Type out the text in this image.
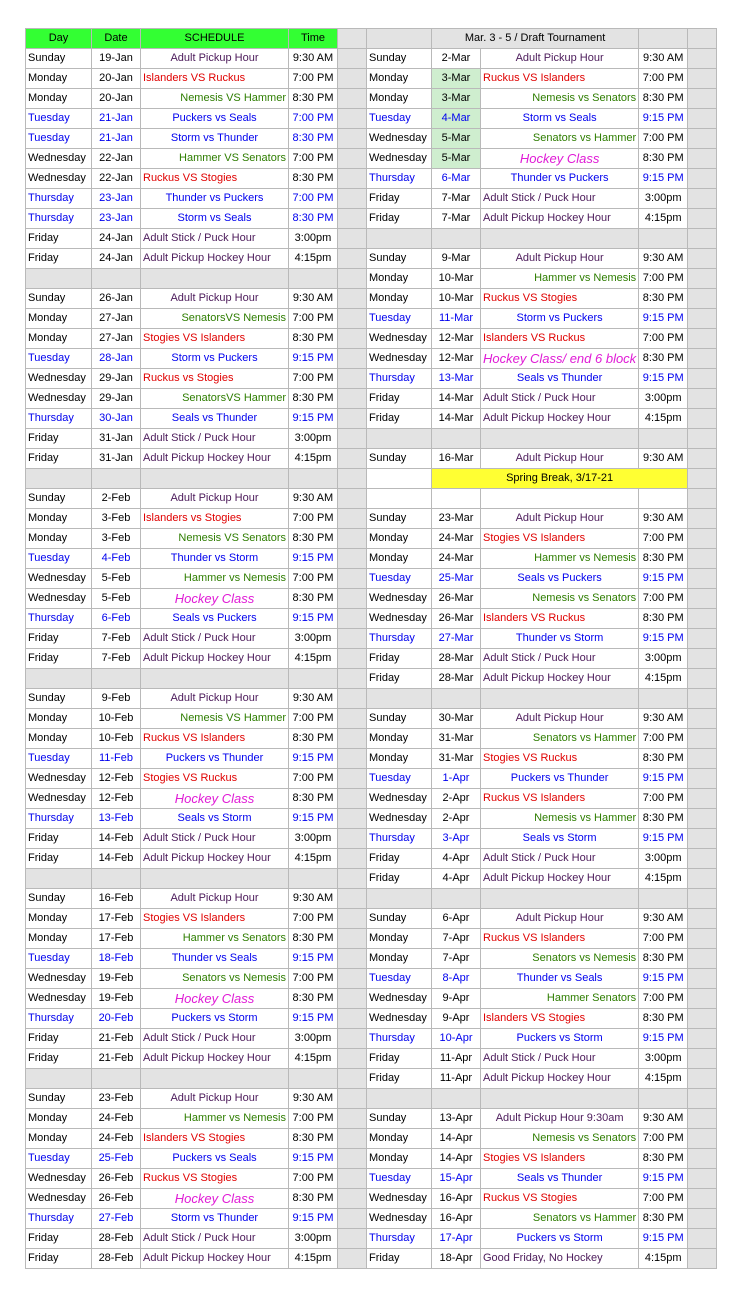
Day	Date	SCHEDULE	Time			Mar. 3 - 5 / Draft Tournament			
Sunday	19-Jan	Adult Pickup Hour	9:30 AM		Sunday	2-Mar	Adult Pickup Hour	9:30 AM	
Monday	20-Jan	Islanders VS Ruckus	7:00 PM		Monday	3-Mar	Ruckus VS Islanders	7:00 PM	
Monday	20-Jan	Nemesis VS Hammer	8:30 PM		Monday	3-Mar	Nemesis vs Senators	8:30 PM	
Tuesday	21-Jan	Puckers vs Seals	7:00 PM		Tuesday	4-Mar	Storm vs Seals	9:15 PM	
Tuesday	21-Jan	Storm vs Thunder	8:30 PM		Wednesday	5-Mar	Senators vs Hammer	7:00 PM	
Wednesday	22-Jan	Hammer VS Senators	7:00 PM		Wednesday	5-Mar	Hockey Class	8:30 PM	
Wednesday	22-Jan	Ruckus VS Stogies	8:30 PM		Thursday	6-Mar	Thunder vs Puckers	9:15 PM	
Thursday	23-Jan	Thunder vs Puckers	7:00 PM		Friday	7-Mar	Adult Stick / Puck Hour	3:00pm	
Thursday	23-Jan	Storm vs Seals	8:30 PM		Friday	7-Mar	Adult Pickup Hockey Hour	4:15pm	
Friday	24-Jan	Adult Stick / Puck Hour	3:00pm						
Friday	24-Jan	Adult Pickup Hockey Hour	4:15pm		Sunday	9-Mar	Adult Pickup Hour	9:30 AM	
					Monday	10-Mar	Hammer vs Nemesis	7:00 PM	
Sunday	26-Jan	Adult Pickup Hour	9:30 AM		Monday	10-Mar	Ruckus VS Stogies	8:30 PM	
Monday	27-Jan	SenatorsVS Nemesis	7:00 PM		Tuesday	11-Mar	Storm vs Puckers	9:15 PM	
Monday	27-Jan	Stogies VS Islanders	8:30 PM		Wednesday	12-Mar	Islanders VS Ruckus	7:00 PM	
Tuesday	28-Jan	Storm vs Puckers	9:15 PM		Wednesday	12-Mar	Hockey Class/ end 6 block	8:30 PM	
Wednesday	29-Jan	Ruckus vs Stogies	7:00 PM		Thursday	13-Mar	Seals vs Thunder	9:15 PM	
Wednesday	29-Jan	SenatorsVS Hammer	8:30 PM		Friday	14-Mar	Adult Stick / Puck Hour	3:00pm	
Thursday	30-Jan	Seals vs Thunder	9:15 PM		Friday	14-Mar	Adult Pickup Hockey Hour	4:15pm	
Friday	31-Jan	Adult Stick / Puck Hour	3:00pm						
Friday	31-Jan	Adult Pickup Hockey Hour	4:15pm		Sunday	16-Mar	Adult Pickup Hour	9:30 AM	
						Spring Break, 3/17-21			
Sunday	2-Feb	Adult Pickup Hour	9:30 AM						
Monday	3-Feb	Islanders vs Stogies	7:00 PM		Sunday	23-Mar	Adult Pickup Hour	9:30 AM	
Monday	3-Feb	Nemesis VS Senators	8:30 PM		Monday	24-Mar	Stogies VS Islanders	7:00 PM	
Tuesday	4-Feb	Thunder vs Storm	9:15 PM		Monday	24-Mar	Hammer vs Nemesis	8:30 PM	
Wednesday	5-Feb	Hammer vs Nemesis	7:00 PM		Tuesday	25-Mar	Seals vs Puckers	9:15 PM	
Wednesday	5-Feb	Hockey Class	8:30 PM		Wednesday	26-Mar	Nemesis vs Senators	7:00 PM	
Thursday	6-Feb	Seals vs Puckers	9:15 PM		Wednesday	26-Mar	Islanders VS Ruckus	8:30 PM	
Friday	7-Feb	Adult Stick / Puck Hour	3:00pm		Thursday	27-Mar	Thunder vs Storm	9:15 PM	
Friday	7-Feb	Adult Pickup Hockey Hour	4:15pm		Friday	28-Mar	Adult Stick / Puck Hour	3:00pm	
					Friday	28-Mar	Adult Pickup Hockey Hour	4:15pm	
Sunday	9-Feb	Adult Pickup Hour	9:30 AM						
Monday	10-Feb	Nemesis VS Hammer	7:00 PM		Sunday	30-Mar	Adult Pickup Hour	9:30 AM	
Monday	10-Feb	Ruckus VS Islanders	8:30 PM		Monday	31-Mar	Senators vs Hammer	7:00 PM	
Tuesday	11-Feb	Puckers vs Thunder	9:15 PM		Monday	31-Mar	Stogies VS Ruckus	8:30 PM	
Wednesday	12-Feb	Stogies VS Ruckus	7:00 PM		Tuesday	1-Apr	Puckers vs Thunder	9:15 PM	
Wednesday	12-Feb	Hockey Class	8:30 PM		Wednesday	2-Apr	Ruckus VS Islanders	7:00 PM	
Thursday	13-Feb	Seals vs Storm	9:15 PM		Wednesday	2-Apr	Nemesis vs Hammer	8:30 PM	
Friday	14-Feb	Adult Stick / Puck Hour	3:00pm		Thursday	3-Apr	Seals vs Storm	9:15 PM	
Friday	14-Feb	Adult Pickup Hockey Hour	4:15pm		Friday	4-Apr	Adult Stick / Puck Hour	3:00pm	
					Friday	4-Apr	Adult Pickup Hockey Hour	4:15pm	
Sunday	16-Feb	Adult Pickup Hour	9:30 AM						
Monday	17-Feb	Stogies VS Islanders	7:00 PM		Sunday	6-Apr	Adult Pickup Hour	9:30 AM	
Monday	17-Feb	Hammer vs Senators	8:30 PM		Monday	7-Apr	Ruckus VS Islanders	7:00 PM	
Tuesday	18-Feb	Thunder vs Seals	9:15 PM		Monday	7-Apr	Senators vs Nemesis	8:30 PM	
Wednesday	19-Feb	Senators vs Nemesis	7:00 PM		Tuesday	8-Apr	Thunder vs Seals	9:15 PM	
Wednesday	19-Feb	Hockey Class	8:30 PM		Wednesday	9-Apr	Hammer Senators	7:00 PM	
Thursday	20-Feb	Puckers vs Storm	9:15 PM		Wednesday	9-Apr	Islanders VS Stogies	8:30 PM	
Friday	21-Feb	Adult Stick / Puck Hour	3:00pm		Thursday	10-Apr	Puckers vs Storm	9:15 PM	
Friday	21-Feb	Adult Pickup Hockey Hour	4:15pm		Friday	11-Apr	Adult Stick / Puck Hour	3:00pm	
					Friday	11-Apr	Adult Pickup Hockey Hour	4:15pm	
Sunday	23-Feb	Adult Pickup Hour	9:30 AM						
Monday	24-Feb	Hammer vs Nemesis	7:00 PM		Sunday	13-Apr	Adult Pickup Hour 9:30am	9:30 AM	
Monday	24-Feb	Islanders VS Stogies	8:30 PM		Monday	14-Apr	Nemesis vs Senators	7:00 PM	
Tuesday	25-Feb	Puckers vs Seals	9:15 PM		Monday	14-Apr	Stogies VS Islanders	8:30 PM	
Wednesday	26-Feb	Ruckus VS Stogies	7:00 PM		Tuesday	15-Apr	Seals vs Thunder	9:15 PM	
Wednesday	26-Feb	Hockey Class	8:30 PM		Wednesday	16-Apr	Ruckus VS Stogies	7:00 PM	
Thursday	27-Feb	Storm vs Thunder	9:15 PM		Wednesday	16-Apr	Senators vs Hammer	8:30 PM	
Friday	28-Feb	Adult Stick / Puck Hour	3:00pm		Thursday	17-Apr	Puckers vs Storm	9:15 PM	
Friday	28-Feb	Adult Pickup Hockey Hour	4:15pm		Friday	18-Apr	Good Friday, No Hockey	4:15pm	
